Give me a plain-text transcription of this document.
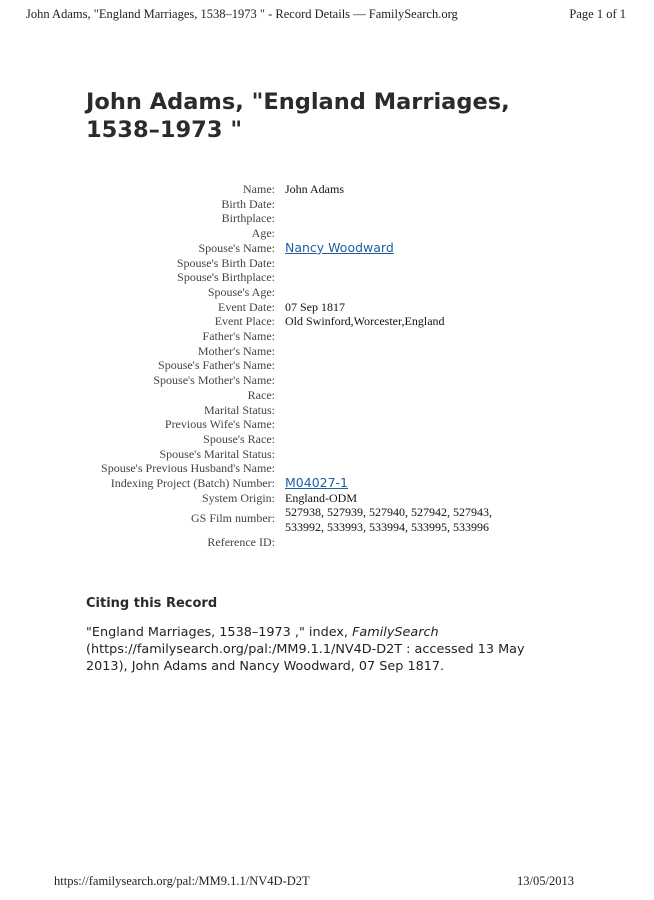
John Adams, "England Marriages, 1538–1973 " - Record Details — FamilySearch.org	Page 1 of 1
John Adams, "England Marriages, 1538–1973 "
Name: John Adams
Birth Date:
Birthplace:
Age:
Spouse's Name: Nancy Woodward
Spouse's Birth Date:
Spouse's Birthplace:
Spouse's Age:
Event Date: 07 Sep 1817
Event Place: Old Swinford,Worcester,England
Father's Name:
Mother's Name:
Spouse's Father's Name:
Spouse's Mother's Name:
Race:
Marital Status:
Previous Wife's Name:
Spouse's Race:
Spouse's Marital Status:
Spouse's Previous Husband's Name:
Indexing Project (Batch) Number: M04027-1
System Origin: England-ODM
GS Film number: 527938, 527939, 527940, 527942, 527943, 533992, 533993, 533994, 533995, 533996
Reference ID:
Citing this Record

"England Marriages, 1538–1973 ," index, FamilySearch (https://familysearch.org/pal:/MM9.1.1/NV4D-D2T : accessed 13 May 2013), John Adams and Nancy Woodward, 07 Sep 1817.

https://familysearch.org/pal:/MM9.1.1/NV4D-D2T	13/05/2013
